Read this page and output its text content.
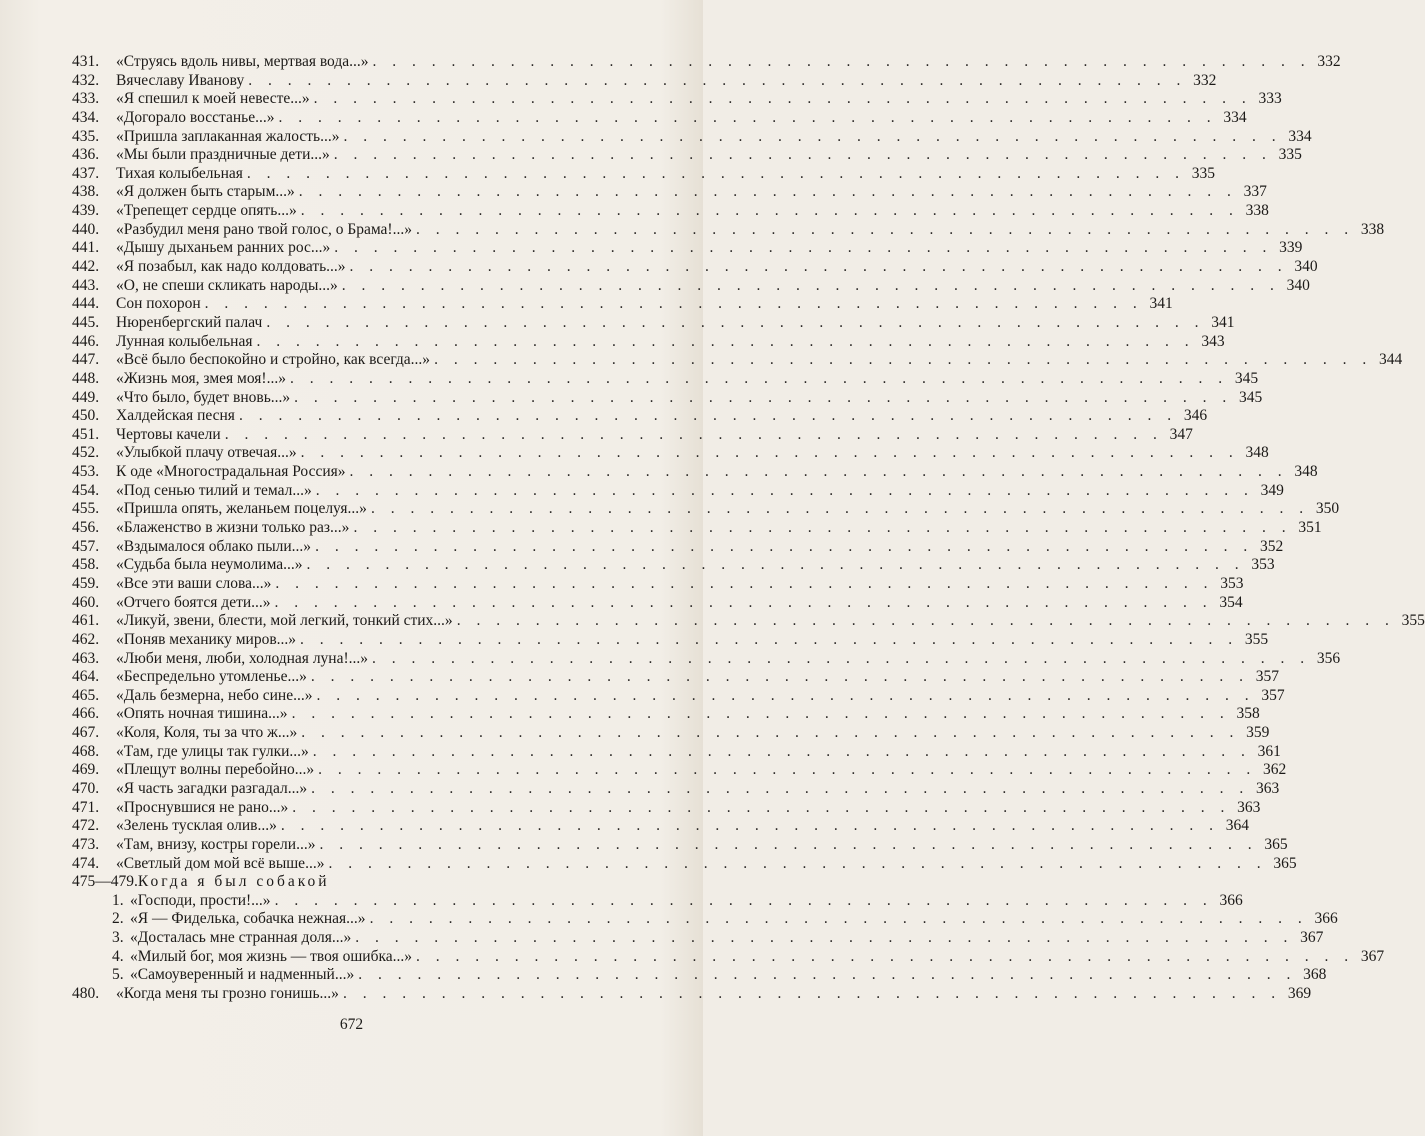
431.	«Струясь вдоль нивы, мертвая вода...» . . . . . . . . . . . . . . . . . . . . . . . . . . . . . . . . . . . . . . . . . . . . . . . . 332
432.	Вячеславу Иванову . . . . . . . . . . . . . . . . . . . . . . . . . . . . . . . . . . . . . . . . . . . . . . . . 332
433.	«Я спешил к моей невесте...» . . . . . . . . . . . . . . . . . . . . . . . . . . . . . . . . . . . . . . . . . . . . . . . . 333
434.	«Догорало восстанье...» . . . . . . . . . . . . . . . . . . . . . . . . . . . . . . . . . . . . . . . . . . . . . . . . 334
435.	«Пришла заплаканная жалость...» . . . . . . . . . . . . . . . . . . . . . . . . . . . . . . . . . . . . . . . . . . . . . . . . 334
436.	«Мы были праздничные дети...» . . . . . . . . . . . . . . . . . . . . . . . . . . . . . . . . . . . . . . . . . . . . . . . . 335
437.	Тихая колыбельная . . . . . . . . . . . . . . . . . . . . . . . . . . . . . . . . . . . . . . . . . . . . . . . . 335
438.	«Я должен быть старым...» . . . . . . . . . . . . . . . . . . . . . . . . . . . . . . . . . . . . . . . . . . . . . . . . 337
439.	«Трепещет сердце опять...» . . . . . . . . . . . . . . . . . . . . . . . . . . . . . . . . . . . . . . . . . . . . . . . . 338
440.	«Разбудил меня рано твой голос, о Брама!...» . . . . . . . . . . . . . . . . . . . . . . . . . . . . . . . . . . . . . . . . . . . . . . . . 338
441.	«Дышу дыханьем ранних рос...» . . . . . . . . . . . . . . . . . . . . . . . . . . . . . . . . . . . . . . . . . . . . . . . . 339
442.	«Я позабыл, как надо колдовать...» . . . . . . . . . . . . . . . . . . . . . . . . . . . . . . . . . . . . . . . . . . . . . . . . 340
443.	«О, не спеши скликать народы...» . . . . . . . . . . . . . . . . . . . . . . . . . . . . . . . . . . . . . . . . . . . . . . . . 340
444.	Сон похорон . . . . . . . . . . . . . . . . . . . . . . . . . . . . . . . . . . . . . . . . . . . . . . . . 341
445.	Нюренбергский палач . . . . . . . . . . . . . . . . . . . . . . . . . . . . . . . . . . . . . . . . . . . . . . . . 341
446.	Лунная колыбельная . . . . . . . . . . . . . . . . . . . . . . . . . . . . . . . . . . . . . . . . . . . . . . . . 343
447.	«Всё было беспокойно и стройно, как всегда...» . . . . . . . . . . . . . . . . . . . . . . . . . . . . . . . . . . . . . . . . . . . . . . . . 344
448.	«Жизнь моя, змея моя!...» . . . . . . . . . . . . . . . . . . . . . . . . . . . . . . . . . . . . . . . . . . . . . . . . 345
449.	«Что было, будет вновь...» . . . . . . . . . . . . . . . . . . . . . . . . . . . . . . . . . . . . . . . . . . . . . . . . 345
450.	Халдейская песня . . . . . . . . . . . . . . . . . . . . . . . . . . . . . . . . . . . . . . . . . . . . . . . . 346
451.	Чертовы качели . . . . . . . . . . . . . . . . . . . . . . . . . . . . . . . . . . . . . . . . . . . . . . . . 347
452.	«Улыбкой плачу отвечая...» . . . . . . . . . . . . . . . . . . . . . . . . . . . . . . . . . . . . . . . . . . . . . . . . 348
453.	К оде «Многострадальная Россия» . . . . . . . . . . . . . . . . . . . . . . . . . . . . . . . . . . . . . . . . . . . . . . . . 348
454.	«Под сенью тилий и темал...» . . . . . . . . . . . . . . . . . . . . . . . . . . . . . . . . . . . . . . . . . . . . . . . . 349
455.	«Пришла опять, желаньем поцелуя...» . . . . . . . . . . . . . . . . . . . . . . . . . . . . . . . . . . . . . . . . . . . . . . . . 350
456.	«Блаженство в жизни только раз...» . . . . . . . . . . . . . . . . . . . . . . . . . . . . . . . . . . . . . . . . . . . . . . . . 351
457.	«Вздымалося облако пыли...» . . . . . . . . . . . . . . . . . . . . . . . . . . . . . . . . . . . . . . . . . . . . . . . . 352
458.	«Судьба была неумолима...» . . . . . . . . . . . . . . . . . . . . . . . . . . . . . . . . . . . . . . . . . . . . . . . . 353
459.	«Все эти ваши слова...» . . . . . . . . . . . . . . . . . . . . . . . . . . . . . . . . . . . . . . . . . . . . . . . . 353
460.	«Отчего боятся дети...» . . . . . . . . . . . . . . . . . . . . . . . . . . . . . . . . . . . . . . . . . . . . . . . . 354
461.	«Ликуй, звени, блести, мой легкий, тонкий стих...» . . . . . . . . . . . . . . . . . . . . . . . . . . . . . . . . . . . . . . . . . . . . . . . . 355
462.	«Поняв механику миров...» . . . . . . . . . . . . . . . . . . . . . . . . . . . . . . . . . . . . . . . . . . . . . . . . 355
463.	«Люби меня, люби, холодная луна!...» . . . . . . . . . . . . . . . . . . . . . . . . . . . . . . . . . . . . . . . . . . . . . . . . 356
464.	«Беспредельно утомленье...» . . . . . . . . . . . . . . . . . . . . . . . . . . . . . . . . . . . . . . . . . . . . . . . . 357
465.	«Даль безмерна, небо сине...» . . . . . . . . . . . . . . . . . . . . . . . . . . . . . . . . . . . . . . . . . . . . . . . . 357
466.	«Опять ночная тишина...» . . . . . . . . . . . . . . . . . . . . . . . . . . . . . . . . . . . . . . . . . . . . . . . . 358
467.	«Коля, Коля, ты за что ж...» . . . . . . . . . . . . . . . . . . . . . . . . . . . . . . . . . . . . . . . . . . . . . . . . 359
468.	«Там, где улицы так гулки...» . . . . . . . . . . . . . . . . . . . . . . . . . . . . . . . . . . . . . . . . . . . . . . . . 361
469.	«Плещут волны перебойно...» . . . . . . . . . . . . . . . . . . . . . . . . . . . . . . . . . . . . . . . . . . . . . . . . 362
470.	«Я часть загадки разгадал...» . . . . . . . . . . . . . . . . . . . . . . . . . . . . . . . . . . . . . . . . . . . . . . . . 363
471.	«Проснувшися не рано...» . . . . . . . . . . . . . . . . . . . . . . . . . . . . . . . . . . . . . . . . . . . . . . . . 363
472.	«Зелень тусклая олив...» . . . . . . . . . . . . . . . . . . . . . . . . . . . . . . . . . . . . . . . . . . . . . . . . 364
473.	«Там, внизу, костры горели...» . . . . . . . . . . . . . . . . . . . . . . . . . . . . . . . . . . . . . . . . . . . . . . . . 365
474.	«Светлый дом мой всё выше...» . . . . . . . . . . . . . . . . . . . . . . . . . . . . . . . . . . . . . . . . . . . . . . . . 365
475—479. Когда я был собакой
1. «Господи, прости!...» . . . . . . . . . . . . . . . . . . . . . . . . . . . . . . . . . . . . . . . . . . . . . . . . 366
2. «Я — Фиделька, собачка нежная...» . . . . . . . . . . . . . . . . . . . . . . . . . . . . . . . . . . . . . . . . . . . . . . . . 366
3. «Досталась мне странная доля...» . . . . . . . . . . . . . . . . . . . . . . . . . . . . . . . . . . . . . . . . . . . . . . . . 367
4. «Милый бог, моя жизнь — твоя ошибка...» . . . . . . . . . . . . . . . . . . . . . . . . . . . . . . . . . . . . . . . . . . . . . . . . 367
5. «Самоуверенный и надменный...» . . . . . . . . . . . . . . . . . . . . . . . . . . . . . . . . . . . . . . . . . . . . . . . . 368
480.	«Когда меня ты грозно гонишь...» . . . . . . . . . . . . . . . . . . . . . . . . . . . . . . . . . . . . . . . . . . . . . . . . 369
672
